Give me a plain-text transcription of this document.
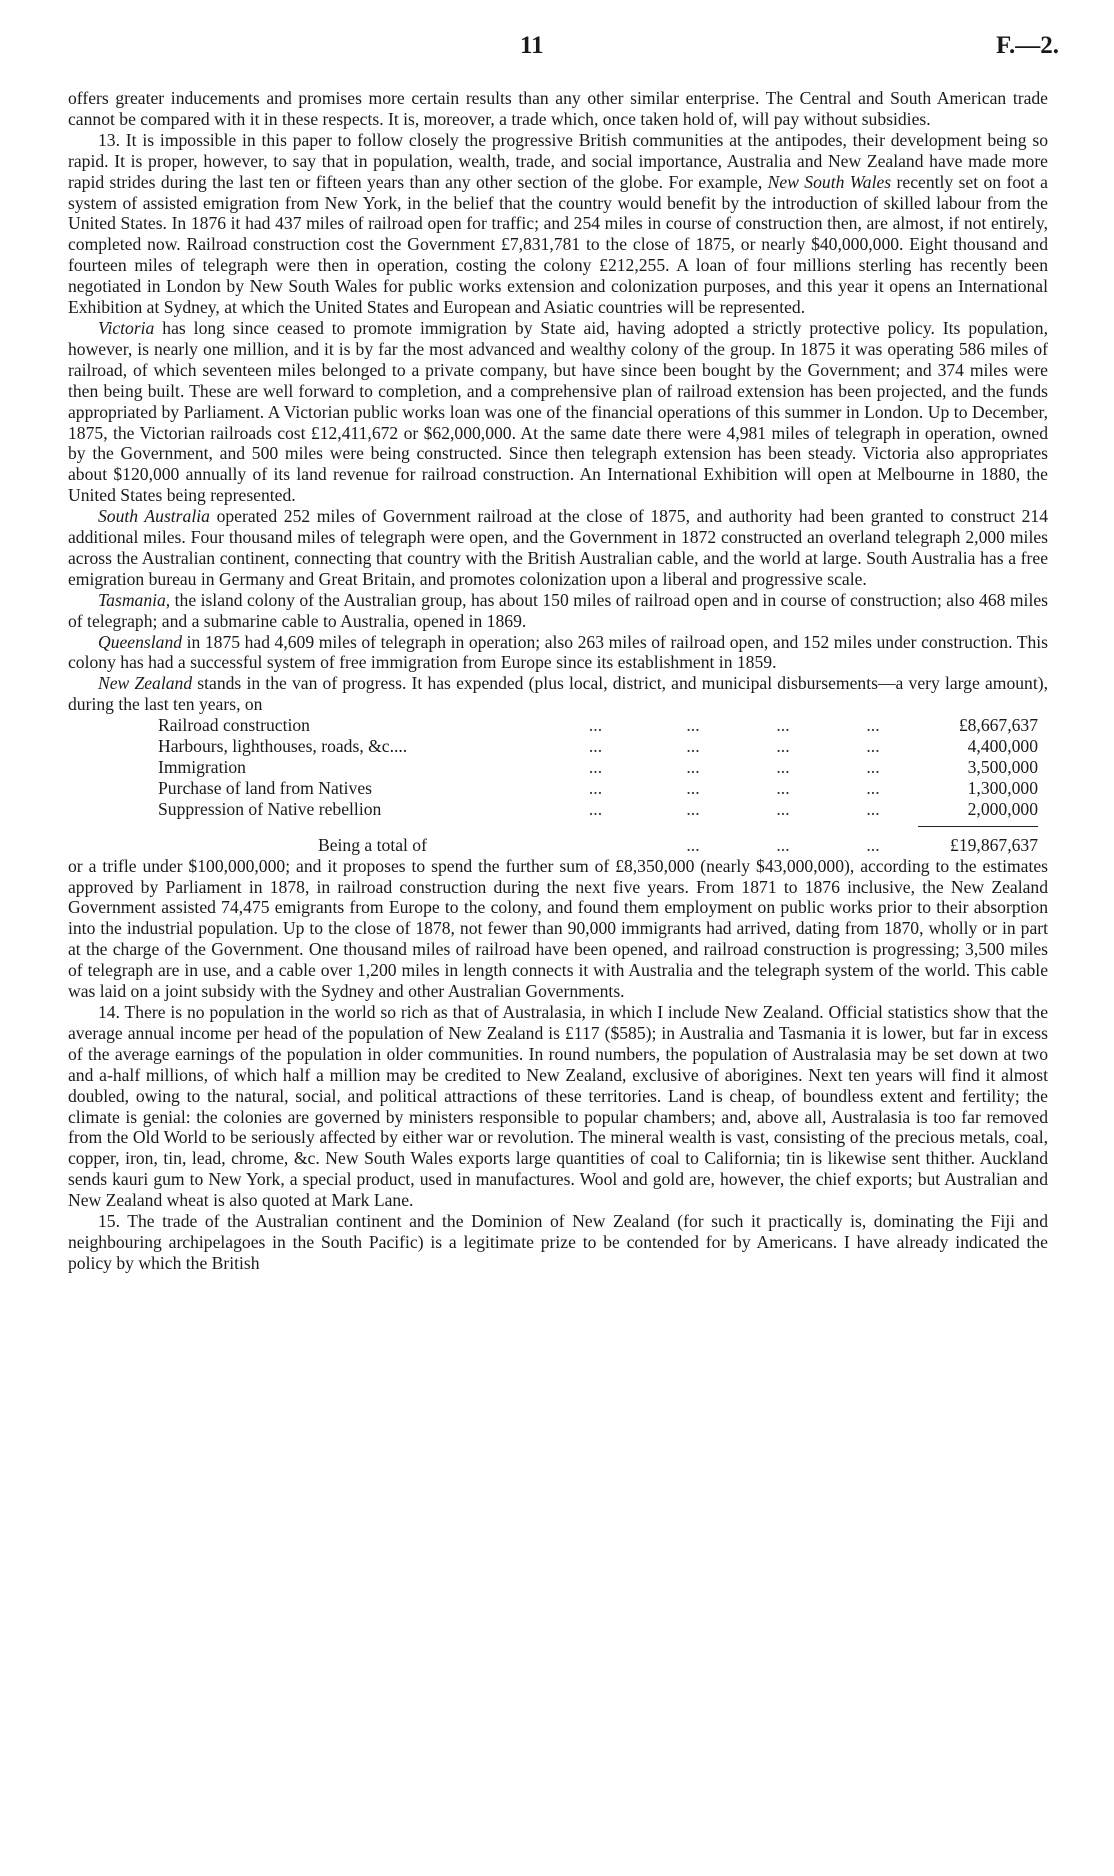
11	F.—2.

offers greater inducements and promises more certain results than any other similar enterprise. The Central and South American trade cannot be compared with it in these respects. It is, moreover, a trade which, once taken hold of, will pay without subsidies.

13. It is impossible in this paper to follow closely the progressive British communities at the antipodes, their development being so rapid. It is proper, however, to say that in population, wealth, trade, and social importance, Australia and New Zealand have made more rapid strides during the last ten or fifteen years than any other section of the globe. For example, New South Wales recently set on foot a system of assisted emigration from New York, in the belief that the country would benefit by the introduction of skilled labour from the United States. In 1876 it had 437 miles of railroad open for traffic; and 254 miles in course of construction then, are almost, if not entirely, completed now. Railroad construction cost the Government £7,831,781 to the close of 1875, or nearly $40,000,000. Eight thousand and fourteen miles of telegraph were then in operation, costing the colony £212,255. A loan of four millions sterling has recently been negotiated in London by New South Wales for public works extension and colonization purposes, and this year it opens an International Exhibition at Sydney, at which the United States and European and Asiatic countries will be represented.

Victoria has long since ceased to promote immigration by State aid, having adopted a strictly protective policy. Its population, however, is nearly one million, and it is by far the most advanced and wealthy colony of the group. In 1875 it was operating 586 miles of railroad, of which seventeen miles belonged to a private company, but have since been bought by the Government; and 374 miles were then being built. These are well forward to completion, and a comprehensive plan of railroad extension has been projected, and the funds appropriated by Parliament. A Victorian public works loan was one of the financial operations of this summer in London. Up to December, 1875, the Victorian railroads cost £12,411,672 or $62,000,000. At the same date there were 4,981 miles of telegraph in operation, owned by the Government, and 500 miles were being constructed. Since then telegraph extension has been steady. Victoria also appropriates about $120,000 annually of its land revenue for railroad construction. An International Exhibition will open at Melbourne in 1880, the United States being represented.

South Australia operated 252 miles of Government railroad at the close of 1875, and authority had been granted to construct 214 additional miles. Four thousand miles of telegraph were open, and the Government in 1872 constructed an overland telegraph 2,000 miles across the Australian continent, connecting that country with the British Australian cable, and the world at large. South Australia has a free emigration bureau in Germany and Great Britain, and promotes colonization upon a liberal and progressive scale.

Tasmania, the island colony of the Australian group, has about 150 miles of railroad open and in course of construction; also 468 miles of telegraph; and a submarine cable to Australia, opened in 1869.

Queensland in 1875 had 4,609 miles of telegraph in operation; also 263 miles of railroad open, and 152 miles under construction. This colony has had a successful system of free immigration from Europe since its establishment in 1859.

New Zealand stands in the van of progress. It has expended (plus local, district, and municipal disbursements—a very large amount), during the last ten years, on

Railroad construction	...	...	...	...	£8,667,637
Harbours, lighthouses, roads, &c....	...	...	...	...	4,400,000
Immigration	...	...	...	...	3,500,000
Purchase of land from Natives	...	...	...	...	1,300,000
Suppression of Native rebellion	...	...	...	...	2,000,000
Being a total of		...	...	...	£19,867,637

or a trifle under $100,000,000; and it proposes to spend the further sum of £8,350,000 (nearly $43,000,000), according to the estimates approved by Parliament in 1878, in railroad construction during the next five years. From 1871 to 1876 inclusive, the New Zealand Government assisted 74,475 emigrants from Europe to the colony, and found them employment on public works prior to their absorption into the industrial population. Up to the close of 1878, not fewer than 90,000 immigrants had arrived, dating from 1870, wholly or in part at the charge of the Government. One thousand miles of railroad have been opened, and railroad construction is progressing; 3,500 miles of telegraph are in use, and a cable over 1,200 miles in length connects it with Australia and the telegraph system of the world. This cable was laid on a joint subsidy with the Sydney and other Australian Governments.

14. There is no population in the world so rich as that of Australasia, in which I include New Zealand. Official statistics show that the average annual income per head of the population of New Zealand is £117 ($585); in Australia and Tasmania it is lower, but far in excess of the average earnings of the population in older communities. In round numbers, the population of Australasia may be set down at two and a-half millions, of which half a million may be credited to New Zealand, exclusive of aborigines. Next ten years will find it almost doubled, owing to the natural, social, and political attractions of these territories. Land is cheap, of boundless extent and fertility; the climate is genial: the colonies are governed by ministers responsible to popular chambers; and, above all, Australasia is too far removed from the Old World to be seriously affected by either war or revolution. The mineral wealth is vast, consisting of the precious metals, coal, copper, iron, tin, lead, chrome, &c. New South Wales exports large quantities of coal to California; tin is likewise sent thither. Auckland sends kauri gum to New York, a special product, used in manufactures. Wool and gold are, however, the chief exports; but Australian and New Zealand wheat is also quoted at Mark Lane.

15. The trade of the Australian continent and the Dominion of New Zealand (for such it practically is, dominating the Fiji and neighbouring archipelagoes in the South Pacific) is a legitimate prize to be contended for by Americans. I have already indicated the policy by which the British
